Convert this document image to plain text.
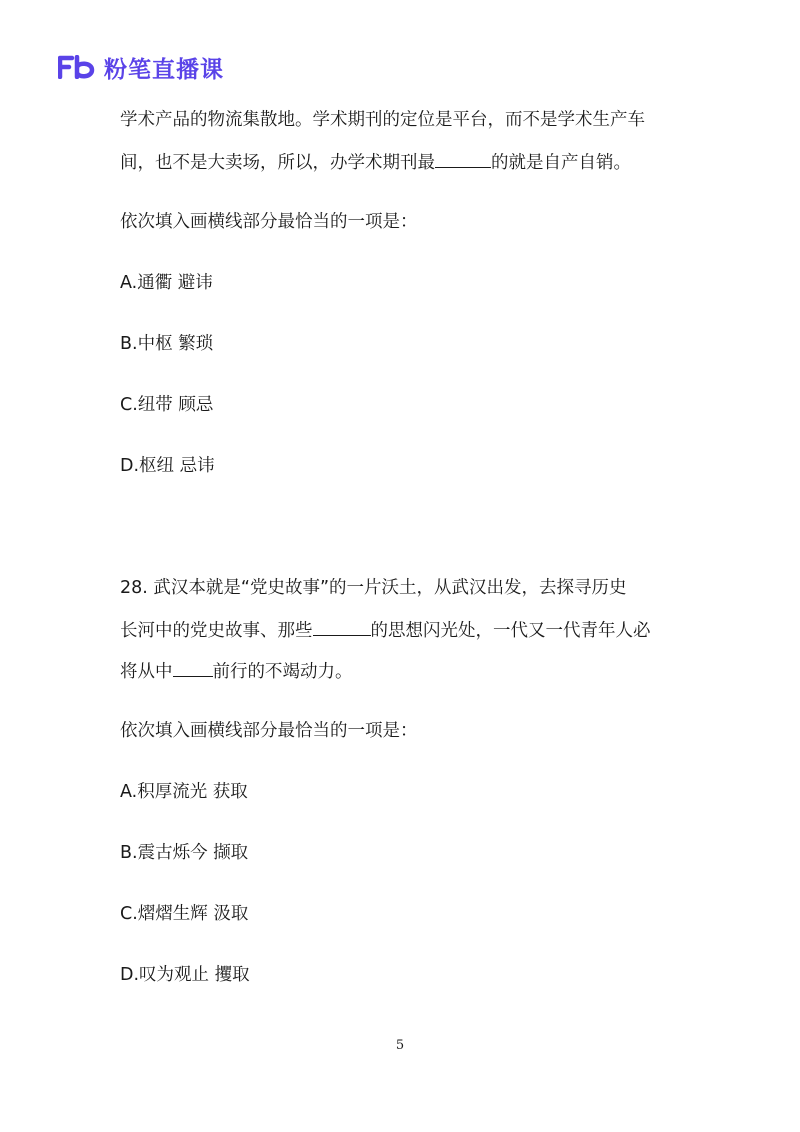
粉笔直播课
学术产品的物流集散地。学术期刊的定位是平台，而不是学术生产车
间，也不是大卖场，所以，办学术期刊最	的就是自产自销。
依次填入画横线部分最恰当的一项是：
A.通衢 避讳
B.中枢 繁琐
C.纽带 顾忌
D.枢纽 忌讳
28. 武汉本就是“党史故事”的一片沃土，从武汉出发，去探寻历史
长河中的党史故事、那些	的思想闪光处，一代又一代青年人必
将从中 前行的不竭动力。
依次填入画横线部分最恰当的一项是：
A.积厚流光 获取
B.震古烁今 撷取
C.熠熠生辉 汲取
D.叹为观止 攫取
5
